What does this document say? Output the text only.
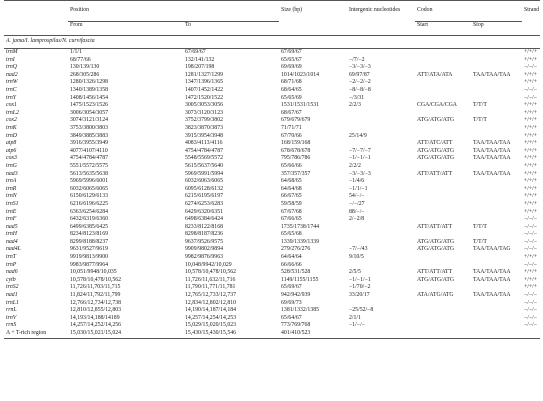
	Position		Size (bp)	Intergenic nucleotides	Codon		Strand
	From	To			Start	Stop	
A. jama/I. lamprospilus/N. curvifascia							
trnM	1/1/1	67/69/67	67/69/67				+/+/+
trnI	68/77/66	132/141/132	65/65/67	−/7/−2			+/+/+
trnQ	130/139/130	198/207/198	69/69/69	−3/−3/−3			−/−/−
nad2	268/305/286	1281/1327/1299	1014/1023/1014	69/97/87	ATT/ATA/ATA	TAA/TAA/TAA	+/+/+
trnW	1280/1326/1298	1347/1396/1365	68/71/68	−2/−2/−2			+/+/+
trnC	1340/1389/1358	1407/1452/1422	68/64/65	−8/−8/−8			−/−/−
trnY	1408/1456/1454	1472/1520/1522	65/65/69	−/3/31			−/−/−
cox1	1475/1523/1526	3005/3053/3056	1531/1531/1531	2/2/3	CGA/CGA/CGA	T/T/T	+/+/+
trnL2	3006/3054/3057	3073/3120/3123	68/67/67				+/+/+
cox2	3074/3121/3124	3752/3799/3802	679/679/679		ATG/ATG/ATG	T/T/T	+/+/+
trnK	3753/3800/3803	3823/3870/3873	71/71/71				+/+/+
trnD	3849/3885/3883	3915/3954/3948	67/70/66	25/14/9			+/+/+
atp8	3916/3955/3949	4083/4113/4116	168/159/168		ATT/ATC/ATT	TAA/TAA/TAA	+/+/+
atp6	4077/4107/4110	4754/4784/4787	678/678/678	−7/−7/−7	ATG/ATG/ATG	TAA/TAA/TAA	+/+/+
cox3	4754/4784/4787	5548/5569/5572	795/786/786	−1/−1/−1	ATG/ATG/ATG	TAA/TAA/TAA	+/+/+
trnG	5551/5572/5575	5615/5637/5640	65/66/66	2/2/2			+/+/+
nad3	5613/5635/5638	5969/5991/5994	357/357/357	−3/−3/−3	ATT/ATT/ATT	TAA/TAA/TAA	+/+/+
trnA	5969/5996/6001	6032/6063/6065	64/68/65	−1/4/6			+/+/+
trnR	6032/6065/6065	6095/6128/6132	64/64/68	−1/1/−1			+/+/+
trnN	6150/6129/6133	6215/6195/6197	66/67/65	54/−/−			+/+/+
trnS1	6216/6196/6225	6274/6253/6283	59/58/59	−/−/27			+/+/+
trnE	6363/6254/6284	6429/6320/6351	67/67/68	88/−/−			+/+/+
trnF	6432/6319/6360	6498/6384/6424	67/66/65	2/−2/8			−/−/−
nad5	6499/6385/6425	8233/8122/8168	1735/1738/1744		ATT/ATT/ATT	T/T/T	−/−/−
trnH	8234/8123/8169	8298/8187/8236	65/65/68				−/−/−
nad4	8299/8188/8237	9637/9526/9575	1339/1339/1339		ATG/ATG/ATG	T/T/T	−/−/−
nad4L	9631/9527/9619	9909/9802/9894	279/276/276	−7/−/43	ATG/ATG/ATG	TAA/TAA/TAG	−/−/−
trnT	9919/9813/9900	9982/9876/9963	64/64/64	9/10/5			+/+/+
trnP	9983/9877/9964	10,048/9942/10,029	66/66/66				−/−/−
nad6	10,051/9948/10,035	10,578/10,478/10,562	528/531/528	2/5/5	ATT/ATT/ATT	TAA/TAA/TAA	+/+/+
cytb	10,578/10,478/10,562	11,726/11,632/11,716	1149/1155/1155	−1/−1/−1	ATG/ATG/ATG	TAA/TAA/TAA	+/+/+
trnS2	11,726/11,703/11,715	11,790/11,771/11,781	65/69/67	−1/70/−2			+/+/+
nad1	11,824/11,792/11,799	12,765/12,733/12,737	942/942/939	33/20/17	ATA/ATG/ATG	TAA/TAA/TAA	−/−/−
trnL1	12,766/12,734/12,738	12,834/12,802/12,810	69/69/73				−/−/−
rrnL	12,810/12,855/12,803	14,190/14,187/14,184	1381/1332/1385	−25/52/−8			−/−/−
trnV	14,193/14,188/14189	14,257/14,254/14,253	65/64/67	2/1/1			−/−/−
rrnS	14,257/14,252/14,256	15,029/15,020/15,023	773/769/768	−1/−/−			−/−/−
A + T-rich region	15,030/15,021/15,024	15,430/15,430/15,546	401/410/523				
